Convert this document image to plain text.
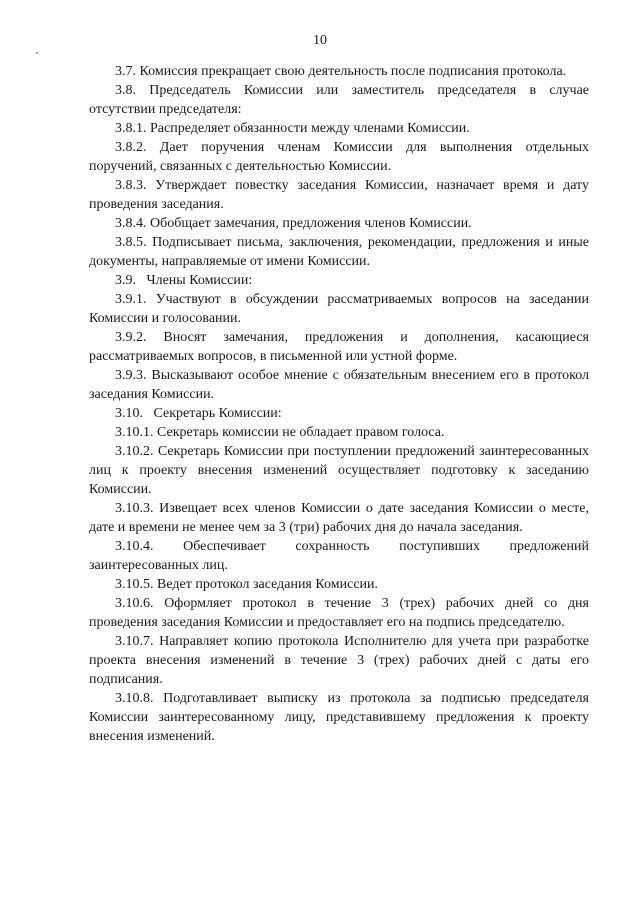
10

3.7. Комиссия прекращает свою деятельность после подписания протокола.

3.8. Председатель Комиссии или заместитель председателя в случае отсутствии председателя:

3.8.1. Распределяет обязанности между членами Комиссии.

3.8.2. Дает поручения членам Комиссии для выполнения отдельных поручений, связанных с деятельностью Комиссии.

3.8.3. Утверждает повестку заседания Комиссии, назначает время и дату проведения заседания.

3.8.4. Обобщает замечания, предложения членов Комиссии.

3.8.5. Подписывает письма, заключения, рекомендации, предложения и иные документы, направляемые от имени Комиссии.

3.9.   Члены Комиссии:

3.9.1. Участвуют в обсуждении рассматриваемых вопросов на заседании Комиссии и голосовании.

3.9.2. Вносят замечания, предложения и дополнения, касающиеся рассматриваемых вопросов, в письменной или устной форме.

3.9.3. Высказывают особое мнение с обязательным внесением его в протокол заседания Комиссии.

3.10.   Секретарь Комиссии:

3.10.1. Секретарь комиссии не обладает правом голоса.

3.10.2. Секретарь Комиссии при поступлении предложений заинтересованных лиц к проекту внесения изменений осуществляет подготовку к заседанию Комиссии.

3.10.3. Извещает всех членов Комиссии о дате заседания Комиссии о месте, дате и времени не менее чем за 3 (три) рабочих дня до начала заседания.

3.10.4. Обеспечивает сохранность поступивших предложений заинтересованных лиц.

3.10.5. Ведет протокол заседания Комиссии.

3.10.6. Оформляет протокол в течение 3 (трех) рабочих дней со дня проведения заседания Комиссии и предоставляет его на подпись председателю.

3.10.7. Направляет копию протокола Исполнителю для учета при разработке проекта внесения изменений в течение 3 (трех) рабочих дней с даты его подписания.

3.10.8. Подготавливает выписку из протокола за подписью председателя Комиссии заинтересованному лицу, представившему предложения к проекту внесения изменений.
